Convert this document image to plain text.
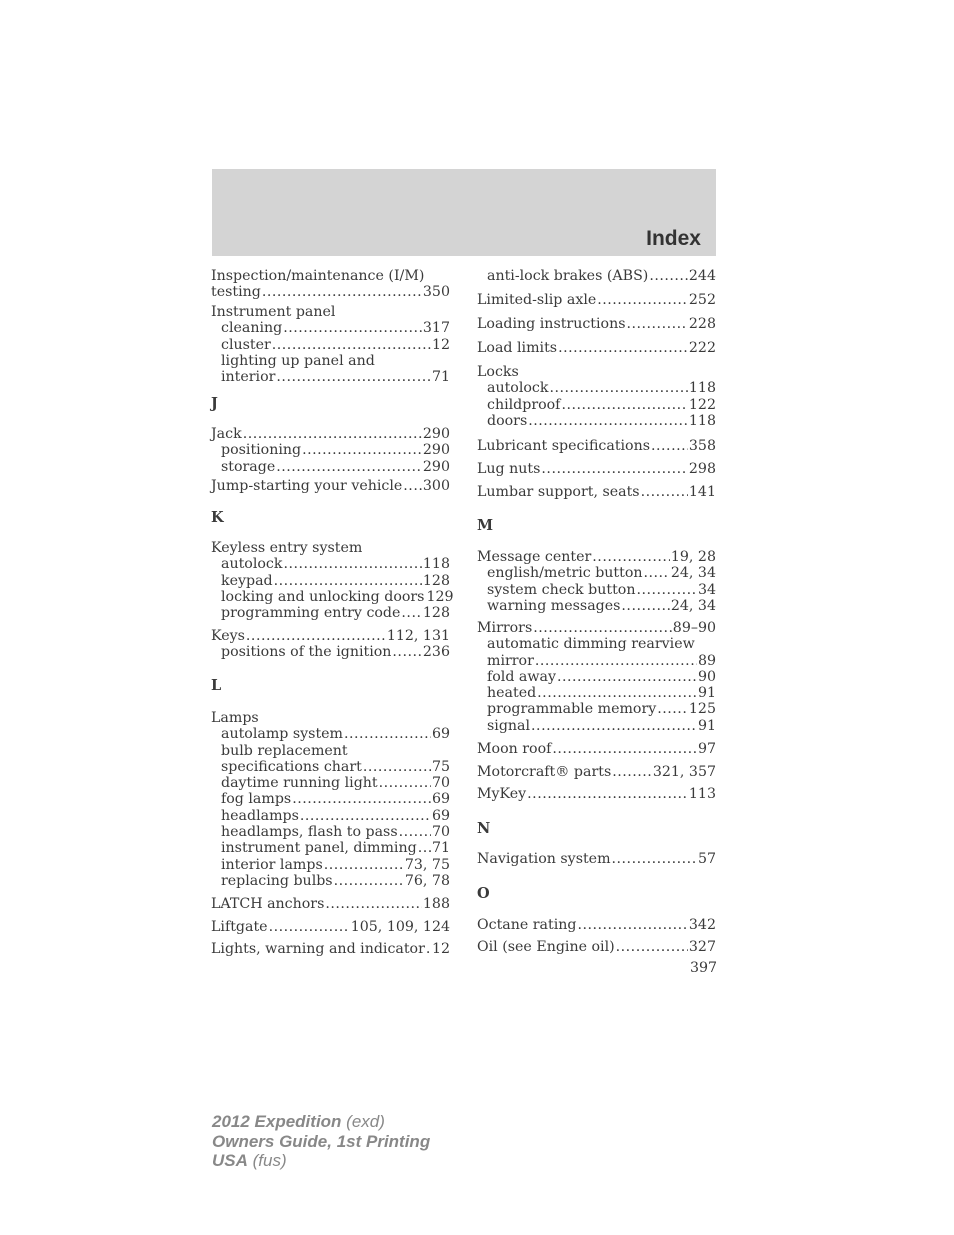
Index
Inspection/maintenance (I/M)
testing .....	350
Instrument panel
cleaning .....	317
cluster .....	12
lighting up panel and
interior .....	71
J
Jack .....	290
positioning .....	290
storage .....	290
Jump-starting your vehicle ..... 300
K
Keyless entry system
autolock .....	118
keypad .....	128
locking and unlocking doors 129
programming entry code ..... 128
Keys .....	112, 131
positions of the ignition ..... 236
L
Lamps
autolamp system .....	69
bulb replacement
specifications chart .....	75
daytime running light .....	70
fog lamps .....	69
headlamps .....	69
headlamps, flash to pass ..... 70
instrument panel, dimming ..... 71
interior lamps .....	73, 75
replacing bulbs .....	76, 78
LATCH anchors .....	188
Liftgate .....	105, 109, 124
Lights, warning and indicator ..... 12
anti-lock brakes (ABS) .....	244
Limited-slip axle .....	252
Loading instructions .....	228
Load limits .....	222
Locks
autolock .....	118
childproof .....	122
doors .....	118
Lubricant specifications .....	358
Lug nuts .....	298
Lumbar support, seats .....	141
M
Message center .....	19, 28
english/metric button ..... 24, 34
system check button .....	34
warning messages .....	24, 34
Mirrors .....	89–90
automatic dimming rearview
mirror .....	89
fold away .....	90
heated .....	91
programmable memory ..... 125
signal .....	91
Moon roof .....	97
Motorcraft® parts .....	321, 357
MyKey .....	113
N
Navigation system .....	57
O
Octane rating .....	342
Oil (see Engine oil) .....	327
397
2012 Expedition (exd)
Owners Guide, 1st Printing
USA (fus)
